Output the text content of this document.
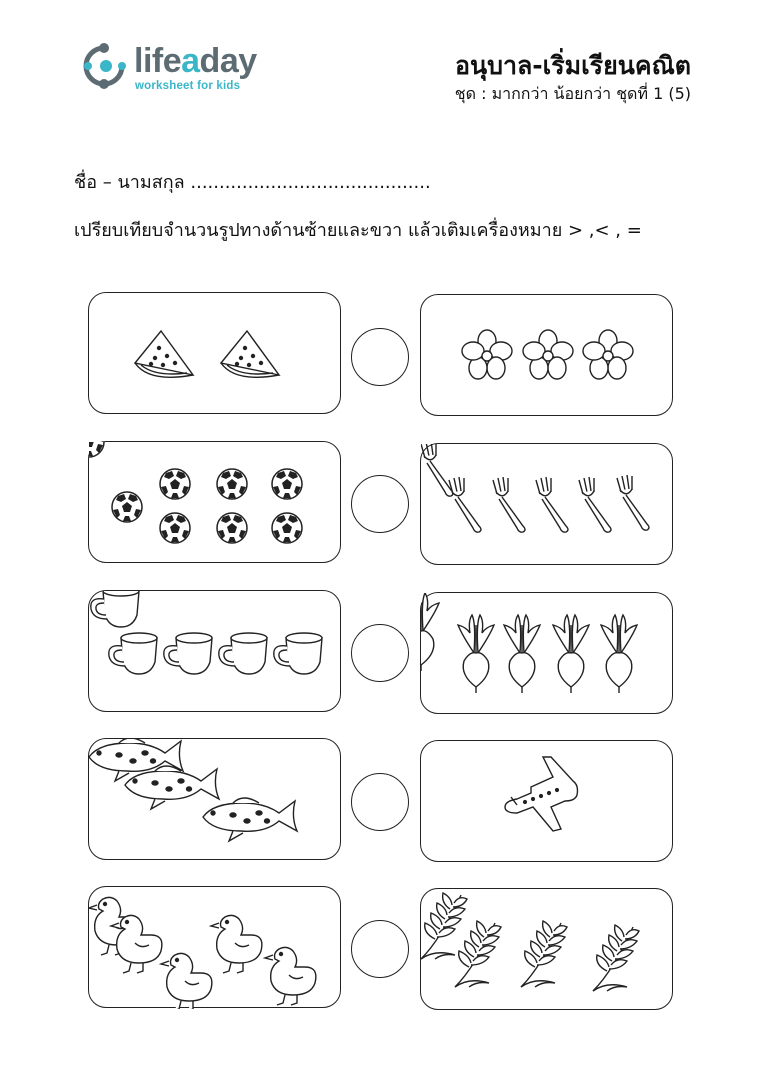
lifeaday
worksheet for kids
อนุบาล-เริ่มเรียนคณิต
ชุด : มากกว่า น้อยกว่า ชุดที่ 1 (5)
ชื่อ – นามสกุล ..........................................
เปรียบเทียบจำนวนรูปทางด้านซ้ายและขวา แล้วเติมเครื่องหมาย > ,< , =
